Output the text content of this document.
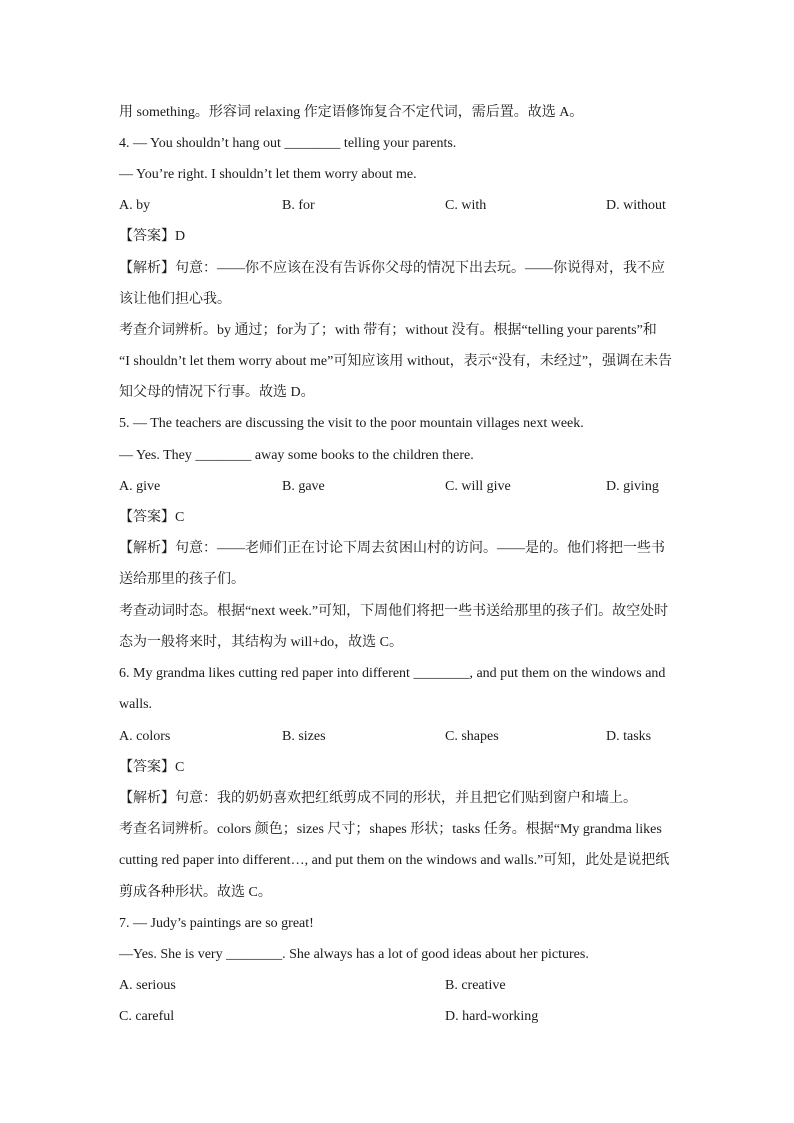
用 something。形容词 relaxing 作定语修饰复合不定代词，需后置。故选 A。
4. — You shouldn’t hang out ________ telling your parents.
— You’re right. I shouldn’t let them worry about me.
A. by	B. for	C. with	D. without
【答案】D
【解析】句意：——你不应该在没有告诉你父母的情况下出去玩。——你说得对，我不应
该让他们担心我。
考查介词辨析。by 通过；for为了；with 带有；without 没有。根据“telling your parents”和
“I shouldn’t let them worry about me”可知应该用 without，表示“没有，未经过”，强调在未告
知父母的情况下行事。故选 D。
5. — The teachers are discussing the visit to the poor mountain villages next week.
— Yes. They ________ away some books to the children there.
A. give	B. gave	C. will give	D. giving
【答案】C
【解析】句意：——老师们正在讨论下周去贫困山村的访问。——是的。他们将把一些书
送给那里的孩子们。
考查动词时态。根据“next week.”可知，下周他们将把一些书送给那里的孩子们。故空处时
态为一般将来时，其结构为 will+do，故选 C。
6. My grandma likes cutting red paper into different ________, and put them on the windows and
walls.
A. colors	B. sizes	C. shapes	D. tasks
【答案】C
【解析】句意：我的奶奶喜欢把红纸剪成不同的形状，并且把它们贴到窗户和墙上。
考查名词辨析。colors 颜色；sizes 尺寸；shapes 形状；tasks 任务。根据“My grandma likes
cutting red paper into different…, and put them on the windows and walls.”可知，此处是说把纸
剪成各种形状。故选 C。
7. — Judy’s paintings are so great!
—Yes. She is very ________. She always has a lot of good ideas about her pictures.
A. serious	B. creative
C. careful	D. hard-working
